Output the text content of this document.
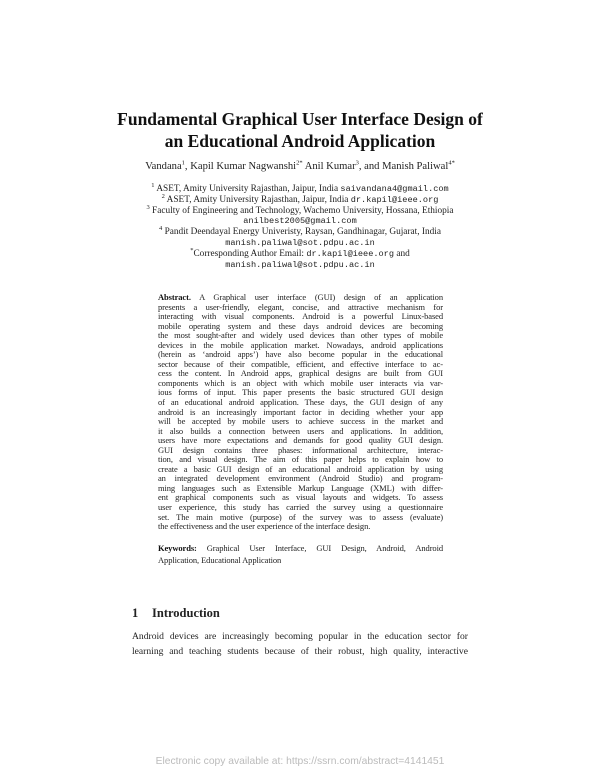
Fundamental Graphical User Interface Design of
an Educational Android Application
Vandana$^1$, Kapil Kumar Nagwanshi$^{2*}$ Anil Kumar$^3$, and Manish Paliwal$^{4*}$
$^1$ ASET, Amity University Rajasthan, Jaipur, India saivandana4@gmail.com
$^2$ ASET, Amity University Rajasthan, Jaipur, India dr.kapil@ieee.org
$^3$ Faculty of Engineering and Technology, Wachemo University, Hossana, Ethiopia
anilbest2005@gmail.com
$^4$ Pandit Deendayal Energy Univeristy, Raysan, Gandhinagar, Gujarat, India
manish.paliwal@sot.pdpu.ac.in
*Corresponding Author Email: dr.kapil@ieee.org and
manish.paliwal@sot.pdpu.ac.in
Abstract. A Graphical user interface (GUI) design of an application
presents a user-friendly, elegant, concise, and attractive mechanism for
interacting with visual components. Android is a powerful Linux-based
mobile operating system and these days android devices are becoming
the most sought-after and widely used devices than other types of mobile
devices in the mobile application market. Nowadays, android applications
(herein as ‘android apps’) have also become popular in the educational
sector because of their compatible, efficient, and effective interface to ac-
cess the content. In Android apps, graphical designs are built from GUI
components which is an object with which mobile user interacts via var-
ious forms of input. This paper presents the basic structured GUI design
of an educational android application. These days, the GUI design of any
android is an increasingly important factor in deciding whether your app
will be accepted by mobile users to achieve success in the market and
it also builds a connection between users and applications. In addition,
users have more expectations and demands for good quality GUI design.
GUI design contains three phases: informational architecture, interac-
tion, and visual design. The aim of this paper helps to explain how to
create a basic GUI design of an educational android application by using
an integrated development environment (Android Studio) and program-
ming languages such as Extensible Markup Language (XML) with differ-
ent graphical components such as visual layouts and widgets. To assess
user experience, this study has carried the survey using a questionnaire
set. The main motive (purpose) of the survey was to assess (evaluate)
the effectiveness and the user experience of the interface design.
Keywords: Graphical User Interface, GUI Design, Android, Android
Application, Educational Application
1 Introduction
Android devices are increasingly becoming popular in the education sector for
learning and teaching students because of their robust, high quality, interactive
Electronic copy available at: https://ssrn.com/abstract=4141451
